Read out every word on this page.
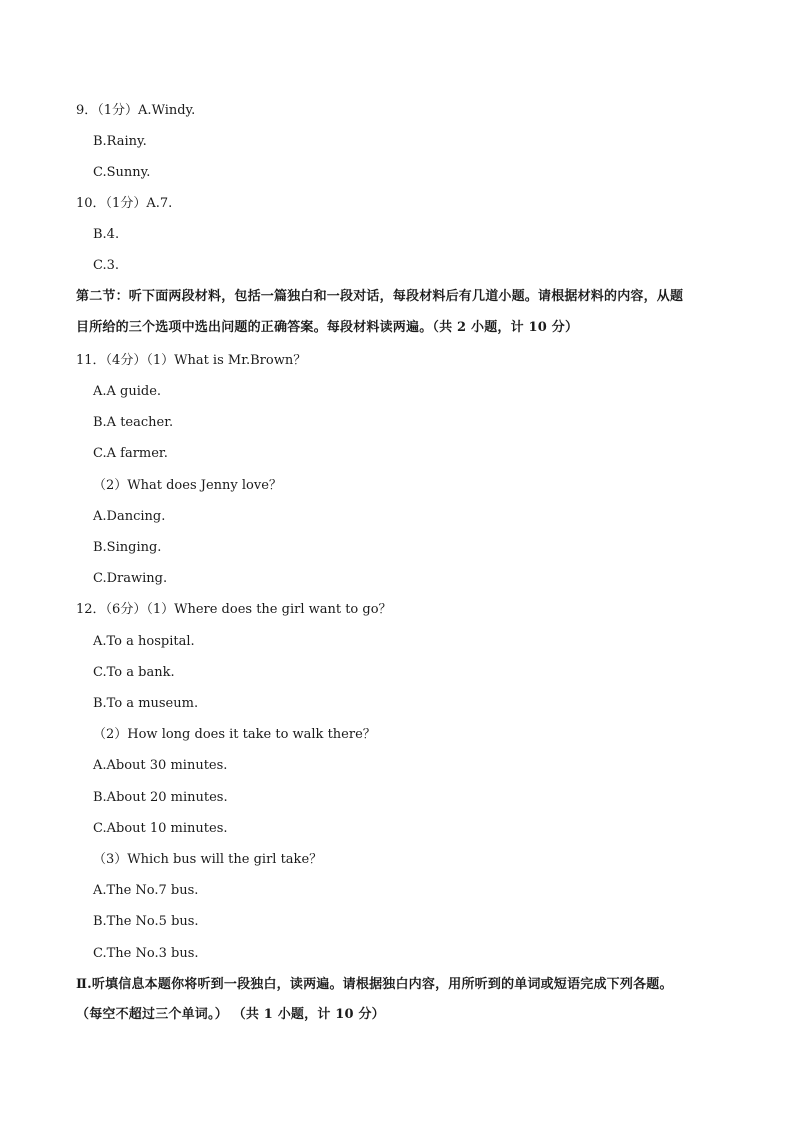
9．（1分）A.Windy.
B.Rainy.
C.Sunny.
10．（1分）A.7.
B.4.
C.3.
第二节：听下面两段材料，包括一篇独白和一段对话，每段材料后有几道小题。请根据材料的内容，从题
目所给的三个选项中选出问题的正确答案。每段材料读两遍。（共 2 小题，计 10 分）
11．（4分）（1）What is Mr.Brown？
A.A guide.
B.A teacher.
C.A farmer.
（2）What does Jenny love？
A.Dancing.
B.Singing.
C.Drawing.
12．（6分）（1）Where does the girl want to go？
A.To a hospital.
C.To a bank.
B.To a museum.
（2）How long does it take to walk there？
A.About 30 minutes.
B.About 20 minutes.
C.About 10 minutes.
（3）Which bus will the girl take？
A.The No.7 bus.
B.The No.5 bus.
C.The No.3 bus.
Ⅱ.听填信息本题你将听到一段独白，读两遍。请根据独白内容，用所听到的单词或短语完成下列各题。
（每空不超过三个单词。） （共 1 小题，计 10 分）
